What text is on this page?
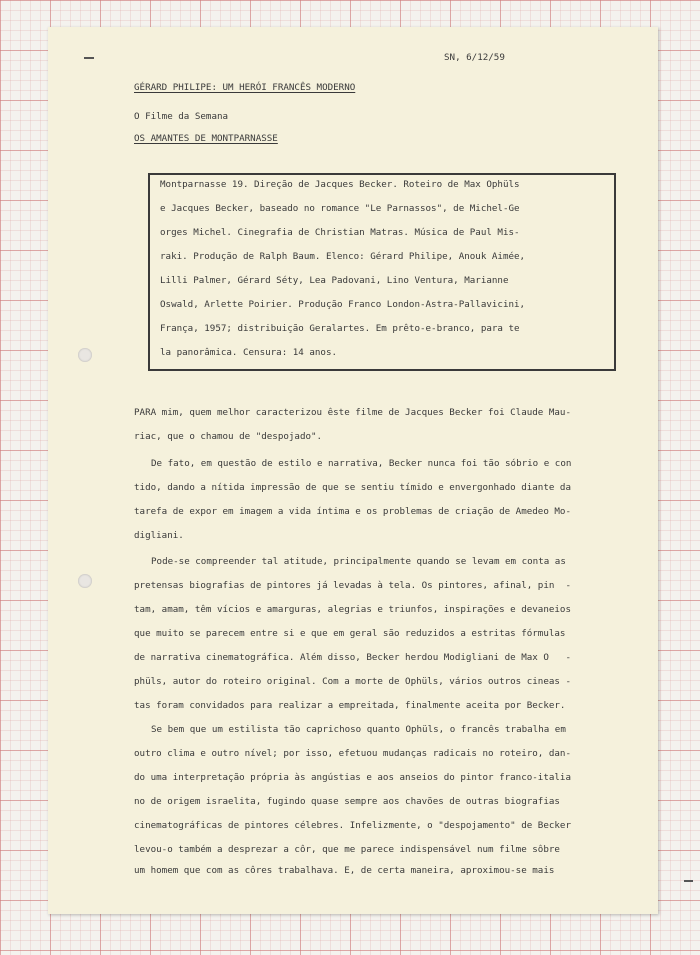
SN, 6/12/59
GÉRARD PHILIPE: UM HERÓI FRANCÊS MODERNO
O Filme da Semana
OS AMANTES DE MONTPARNASSE
Montparnasse 19. Direção de Jacques Becker. Roteiro de Max Ophüls
e Jacques Becker, baseado no romance "Le Parnassos", de Michel-Ge
orges Michel. Cinegrafia de Christian Matras. Música de Paul Mis-
raki. Produção de Ralph Baum. Elenco: Gérard Philipe, Anouk Aimée,
Lilli Palmer, Gérard Séty, Lea Padovani, Lino Ventura, Marianne
Oswald, Arlette Poirier. Produção Franco London-Astra-Pallavicini,
França, 1957; distribuição Geralartes. Em prêto-e-branco, para te
la panorâmica. Censura: 14 anos.
PARA mim, quem melhor caracterizou êste filme de Jacques Becker foi Claude Mau-
riac, que o chamou de "despojado".
De fato, em questão de estilo e narrativa, Becker nunca foi tão sóbrio e con
tido, dando a nítida impressão de que se sentiu tímido e envergonhado diante da
tarefa de expor em imagem a vida íntima e os problemas de criação de Amedeo Mo-
digliani.
Pode-se compreender tal atitude, principalmente quando se levam em conta as
pretensas biografias de pintores já levadas à tela. Os pintores, afinal, pin  -
tam, amam, têm vícios e amarguras, alegrias e triunfos, inspirações e devaneios
que muito se parecem entre si e que em geral são reduzidos a estritas fórmulas
de narrativa cinematográfica. Além disso, Becker herdou Modigliani de Max O   -
phüls, autor do roteiro original. Com a morte de Ophüls, vários outros cineas -
tas foram convidados para realizar a empreitada, finalmente aceita por Becker.
Se bem que um estilista tão caprichoso quanto Ophüls, o francês trabalha em
outro clima e outro nível; por isso, efetuou mudanças radicais no roteiro, dan-
do uma interpretação própria às angústias e aos anseios do pintor franco-italia
no de origem israelita, fugindo quase sempre aos chavões de outras biografias
cinematográficas de pintores célebres. Infelizmente, o "despojamento" de Becker
levou-o também a desprezar a côr, que me parece indispensável num filme sôbre
um homem que com as côres trabalhava. E, de certa maneira, aproximou-se mais
